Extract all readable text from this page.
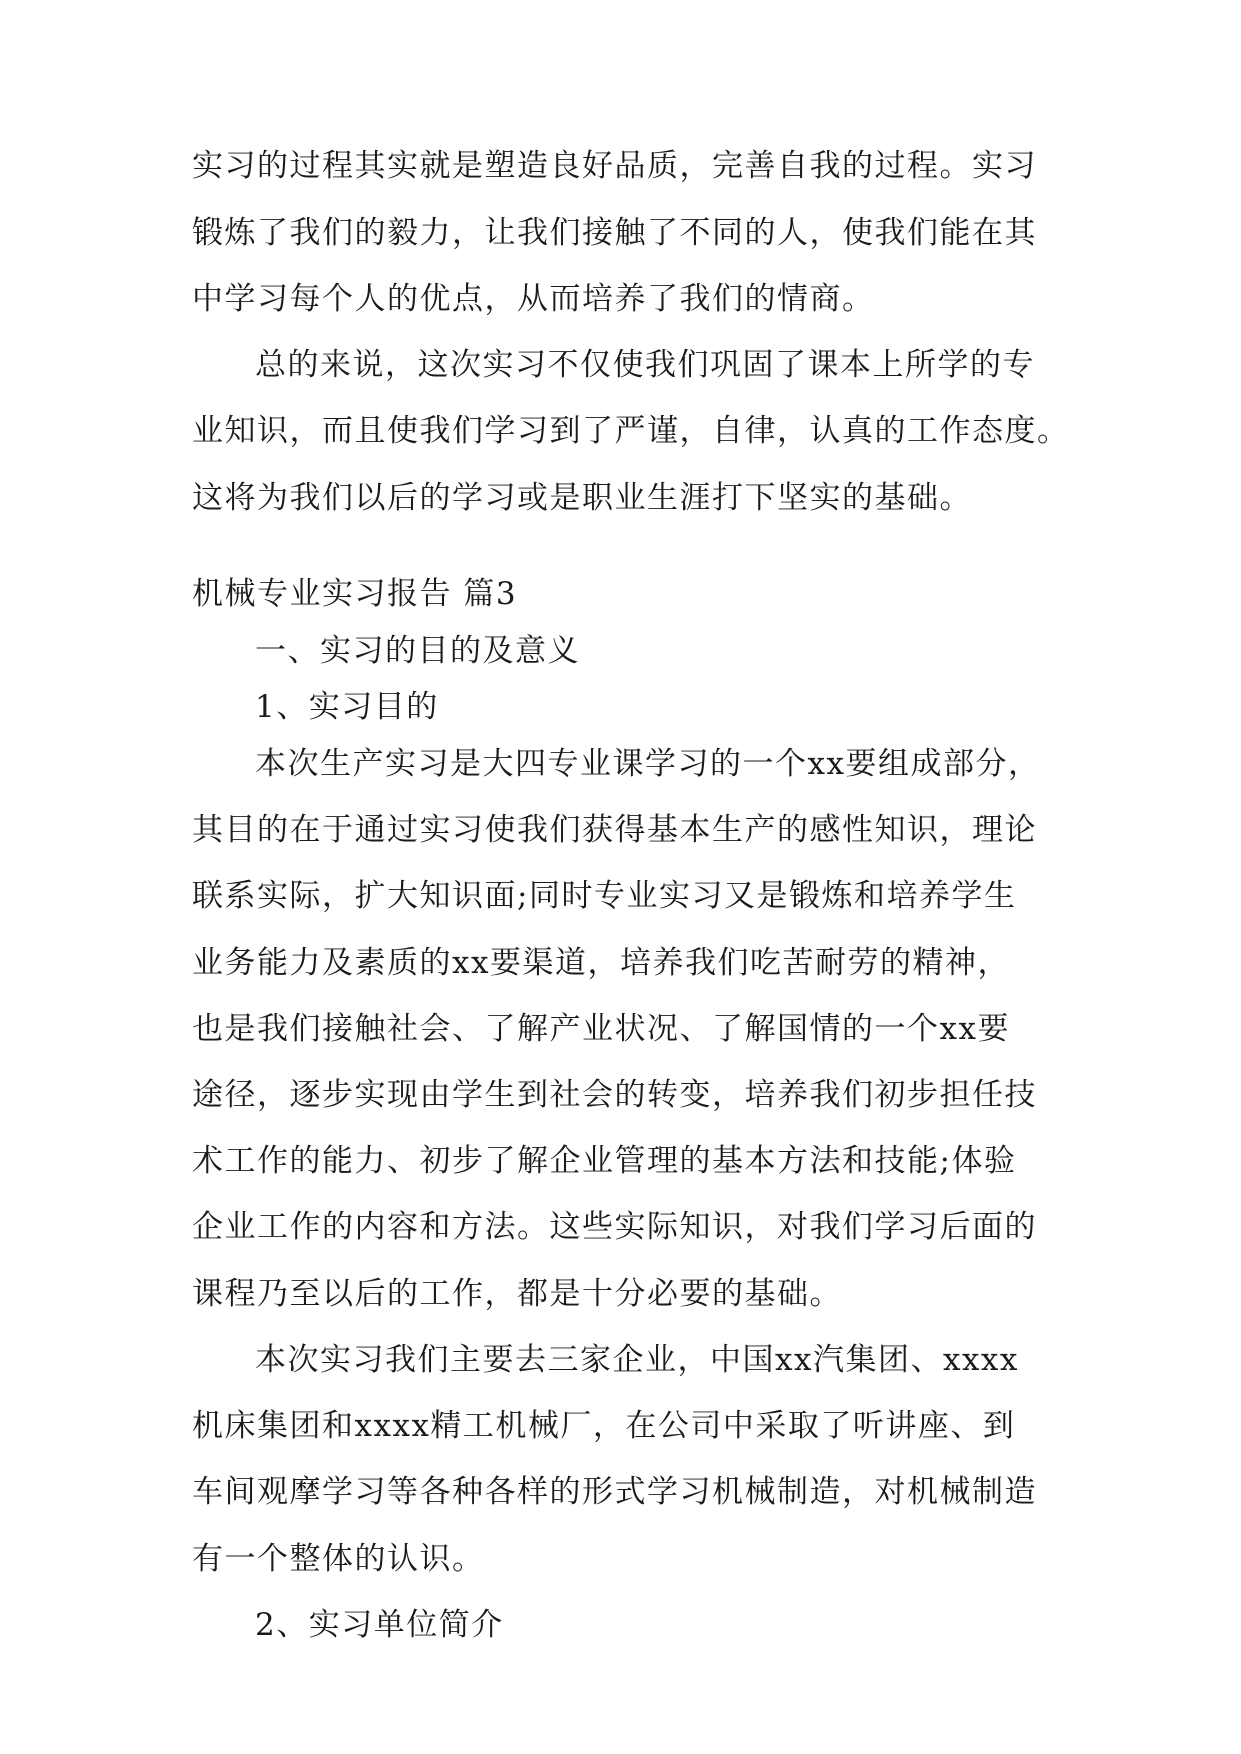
实习的过程其实就是塑造良好品质，完善自我的过程。实习
锻炼了我们的毅力，让我们接触了不同的人，使我们能在其
中学习每个人的优点，从而培养了我们的情商。
总的来说，这次实习不仅使我们巩固了课本上所学的专
业知识，而且使我们学习到了严谨，自律，认真的工作态度。
这将为我们以后的学习或是职业生涯打下坚实的基础。
机械专业实习报告 篇3
一、实习的目的及意义
1、实习目的
本次生产实习是大四专业课学习的一个xx要组成部分，
其目的在于通过实习使我们获得基本生产的感性知识，理论
联系实际，扩大知识面;同时专业实习又是锻炼和培养学生
业务能力及素质的xx要渠道，培养我们吃苦耐劳的精神，
也是我们接触社会、了解产业状况、了解国情的一个xx要
途径，逐步实现由学生到社会的转变，培养我们初步担任技
术工作的能力、初步了解企业管理的基本方法和技能;体验
企业工作的内容和方法。这些实际知识，对我们学习后面的
课程乃至以后的工作，都是十分必要的基础。
本次实习我们主要去三家企业，中国xx汽集团、xxxx
机床集团和xxxx精工机械厂，在公司中采取了听讲座、到
车间观摩学习等各种各样的形式学习机械制造，对机械制造
有一个整体的认识。
2、实习单位简介
